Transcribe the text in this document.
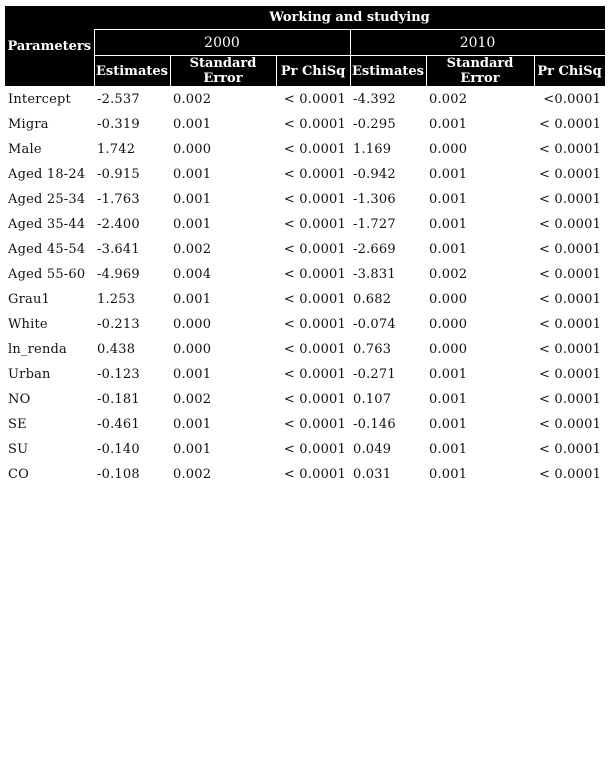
Parameters	Working and studying					
	2000			2010		
	Estimates	Standard Error	Pr ChiSq	Estimates	Standard Error	Pr ChiSq
Intercept	-2.537	0.002	< 0.0001	-4.392	0.002	<0.0001
Migra	-0.319	0.001	< 0.0001	-0.295	0.001	< 0.0001
Male	1.742	0.000	< 0.0001	1.169	0.000	< 0.0001
Aged 18-24	-0.915	0.001	< 0.0001	-0.942	0.001	< 0.0001
Aged 25-34	-1.763	0.001	< 0.0001	-1.306	0.001	< 0.0001
Aged 35-44	-2.400	0.001	< 0.0001	-1.727	0.001	< 0.0001
Aged 45-54	-3.641	0.002	< 0.0001	-2.669	0.001	< 0.0001
Aged 55-60	-4.969	0.004	< 0.0001	-3.831	0.002	< 0.0001
Grau1	1.253	0.001	< 0.0001	0.682	0.000	< 0.0001
White	-0.213	0.000	< 0.0001	-0.074	0.000	< 0.0001
ln_renda	0.438	0.000	< 0.0001	0.763	0.000	< 0.0001
Urban	-0.123	0.001	< 0.0001	-0.271	0.001	< 0.0001
NO	-0.181	0.002	< 0.0001	0.107	0.001	< 0.0001
SE	-0.461	0.001	< 0.0001	-0.146	0.001	< 0.0001
SU	-0.140	0.001	< 0.0001	0.049	0.001	< 0.0001
CO	-0.108	0.002	< 0.0001	0.031	0.001	< 0.0001
